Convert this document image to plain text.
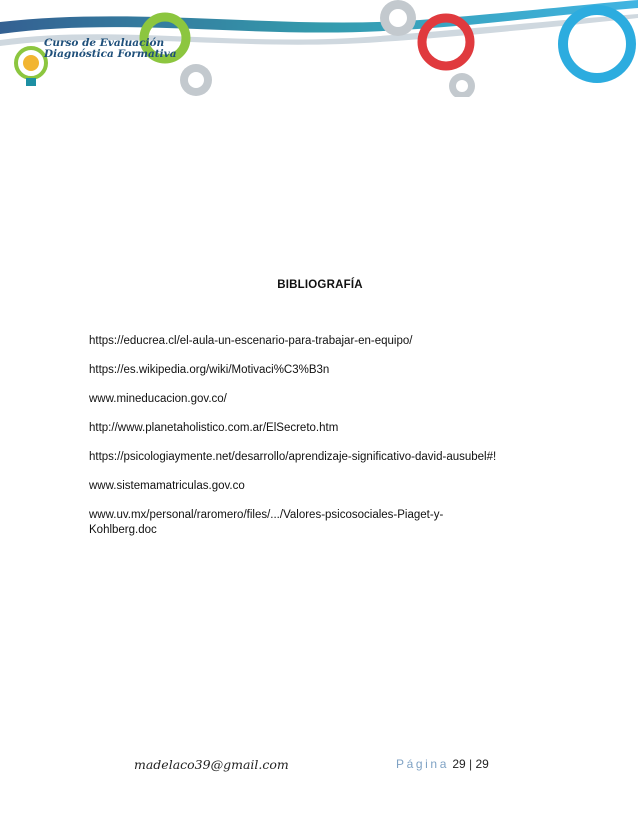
Curso de Evaluación
Diagnóstica Formativa
BIBLIOGRAFÍA
https://educrea.cl/el-aula-un-escenario-para-trabajar-en-equipo/
https://es.wikipedia.org/wiki/Motivaci%C3%B3n
www.mineducacion.gov.co/
http://www.planetaholistico.com.ar/ElSecreto.htm
https://psicologiaymente.net/desarrollo/aprendizaje-significativo-david-ausubel#!
www.sistemamatriculas.gov.co
www.uv.mx/personal/raromero/files/.../Valores-psicosociales-Piaget-y-Kohlberg.doc
madelaco39@gmail.com	Página 29 | 29
